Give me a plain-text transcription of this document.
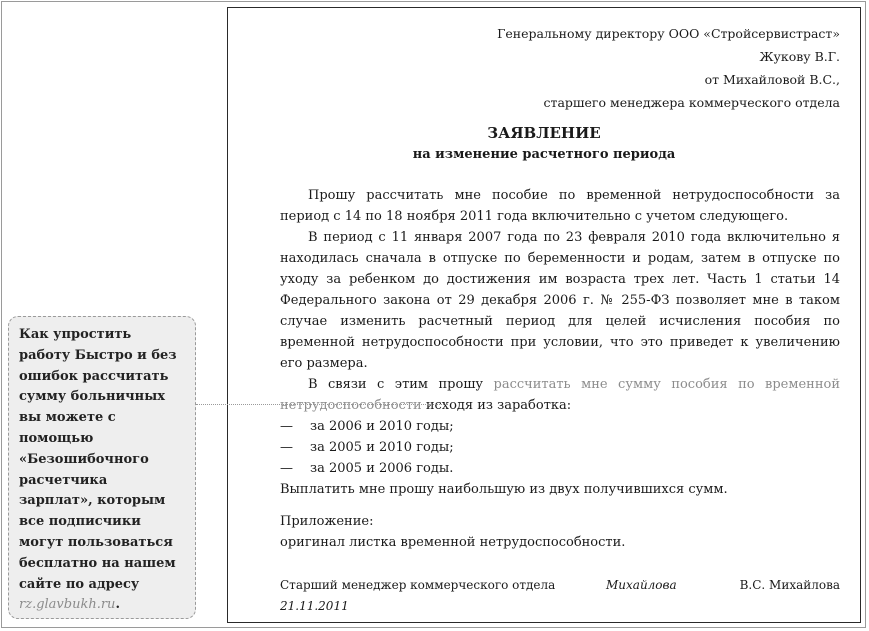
Генеральному директору ООО «Стройсервистраст»
Жукову В.Г.
от Михайловой В.С.,
старшего менеджера коммерческого отдела
ЗАЯВЛЕНИЕ
на изменение расчетного периода

Прошу рассчитать мне пособие по временной нетрудоспособности за период с 14 по 18 ноября 2011 года включительно с учетом следующего.

В период с 11 января 2007 года по 23 февраля 2010 года включительно я находилась сначала в отпуске по беременности и родам, затем в отпуске по уходу за ребенком до достижения им возраста трех лет. Часть 1 статьи 14 Федерального закона от 29 декабря 2006 г. № 255-ФЗ позволяет мне в таком случае изменить расчетный период для целей исчисления пособия по временной нетрудоспособности при условии, что это приведет к увеличению его размера.

В связи с этим прошу рассчитать мне сумму пособия по временной нетрудоспособности исходя из заработка:

— за 2006 и 2010 годы;

— за 2005 и 2010 годы;

— за 2005 и 2006 годы.

Выплатить мне прошу наибольшую из двух получившихся сумм.

Приложение:

оригинал листка временной нетрудоспособности.

Старший менеджер коммерческого отдела	Михайлова	В.С. Михайлова
21.11.2011

Как упростить работу Быстро и без ошибок рассчитать сумму больничных вы можете с помощью «Безошибочного расчетчика зарплат», которым все подписчики могут пользоваться бесплатно на нашем сайте по адресу rz.glavbukh.ru.
